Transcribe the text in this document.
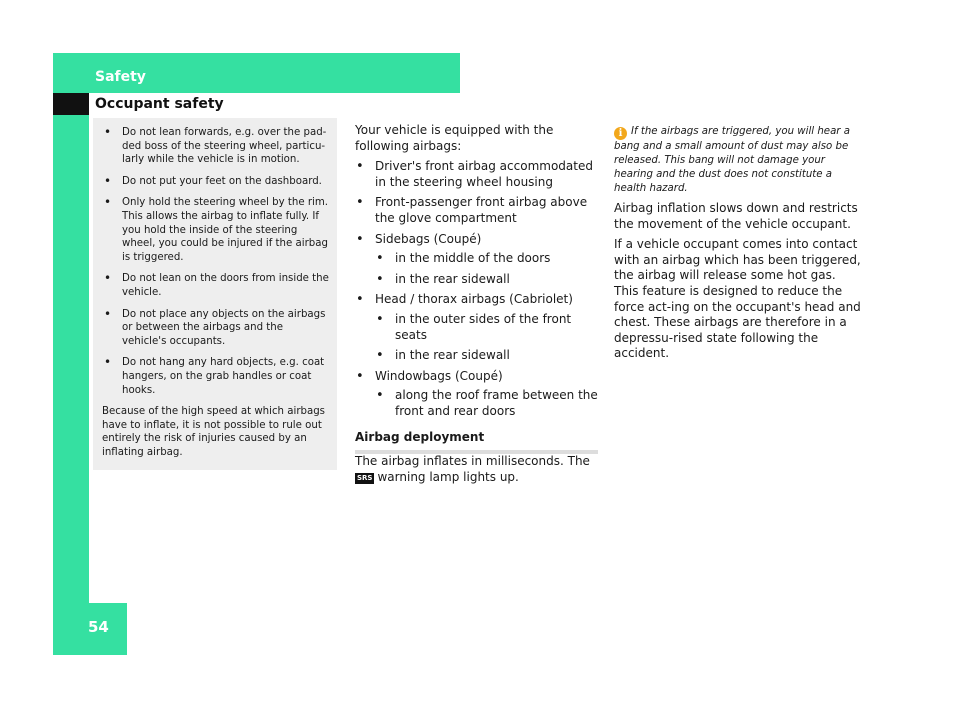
Safety
Occupant safety
54
• Do not lean forwards, e.g. over the pad-ded boss of the steering wheel, particu-larly while the vehicle is in motion.
• Do not put your feet on the dashboard.
• Only hold the steering wheel by the rim. This allows the airbag to inflate fully. If you hold the inside of the steering wheel, you could be injured if the airbag is triggered.
• Do not lean on the doors from inside the vehicle.
• Do not place any objects on the airbags or between the airbags and the vehicle's occupants.
• Do not hang any hard objects, e.g. coat hangers, on the grab handles or coat hooks.

Because of the high speed at which airbags have to inflate, it is not possible to rule out entirely the risk of injuries caused by an inflating airbag.

Your vehicle is equipped with the following airbags:

• Driver's front airbag accommodated in the steering wheel housing
• Front-passenger front airbag above the glove compartment
• Sidebags (Coupé)
• in the middle of the doors
• in the rear sidewall
• Head / thorax airbags (Cabriolet)
• in the outer sides of the front seats
• in the rear sidewall
• Windowbags (Coupé)
• along the roof frame between the front and rear doors
Airbag deployment

The airbag inflates in milliseconds. The
SRS warning lamp lights up.

i If the airbags are triggered, you will hear a bang and a small amount of dust may also be released. This bang will not damage your hearing and the dust does not constitute a health hazard.

Airbag inflation slows down and restricts the movement of the vehicle occupant.

If a vehicle occupant comes into contact with an airbag which has been triggered, the airbag will release some hot gas. This feature is designed to reduce the force act-ing on the occupant's head and chest. These airbags are therefore in a depressu-rised state following the accident.
